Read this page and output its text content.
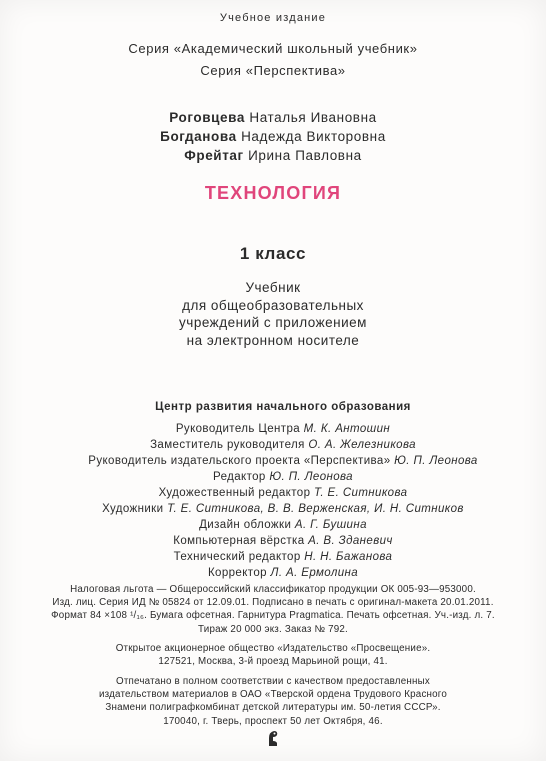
Учебное издание
Серия «Академический школьный учебник»
Серия «Перспектива»
Роговцева Наталья Ивановна
Богданова Надежда Викторовна
Фрейтаг Ирина Павловна
ТЕХНОЛОГИЯ
1 класс
Учебник
для общеобразовательных
учреждений с приложением
на электронном носителе
Центр развития начального образования
Руководитель Центра М. К. Антошин
Заместитель руководителя О. А. Железникова
Руководитель издательского проекта «Перспектива» Ю. П. Леонова
Редактор Ю. П. Леонова
Художественный редактор Т. Е. Ситникова
Художники Т. Е. Ситникова, В. В. Верженская, И. Н. Ситников
Дизайн обложки А. Г. Бушина
Компьютерная вёрстка А. В. Зданевич
Технический редактор Н. Н. Бажанова
Корректор Л. А. Ермолина
Налоговая льгота — Общероссийский классификатор продукции ОК 005-93—953000.
Изд. лиц. Серия ИД № 05824 от 12.09.01. Подписано в печать с оригинал-макета 20.01.2011.
Формат 84 ×108 ¹/₁₆. Бумага офсетная. Гарнитура Pragmatica. Печать офсетная. Уч.-изд. л. 7.
Тираж 20 000 экз. Заказ № 792.
Открытое акционерное общество «Издательство «Просвещение».
127521, Москва, 3-й проезд Марьиной рощи, 41.
Отпечатано в полном соответствии с качеством предоставленных
издательством материалов в ОАО «Тверской ордена Трудового Красного
Знамени полиграфкомбинат детской литературы им. 50-летия СССР».
170040, г. Тверь, проспект 50 лет Октября, 46.
